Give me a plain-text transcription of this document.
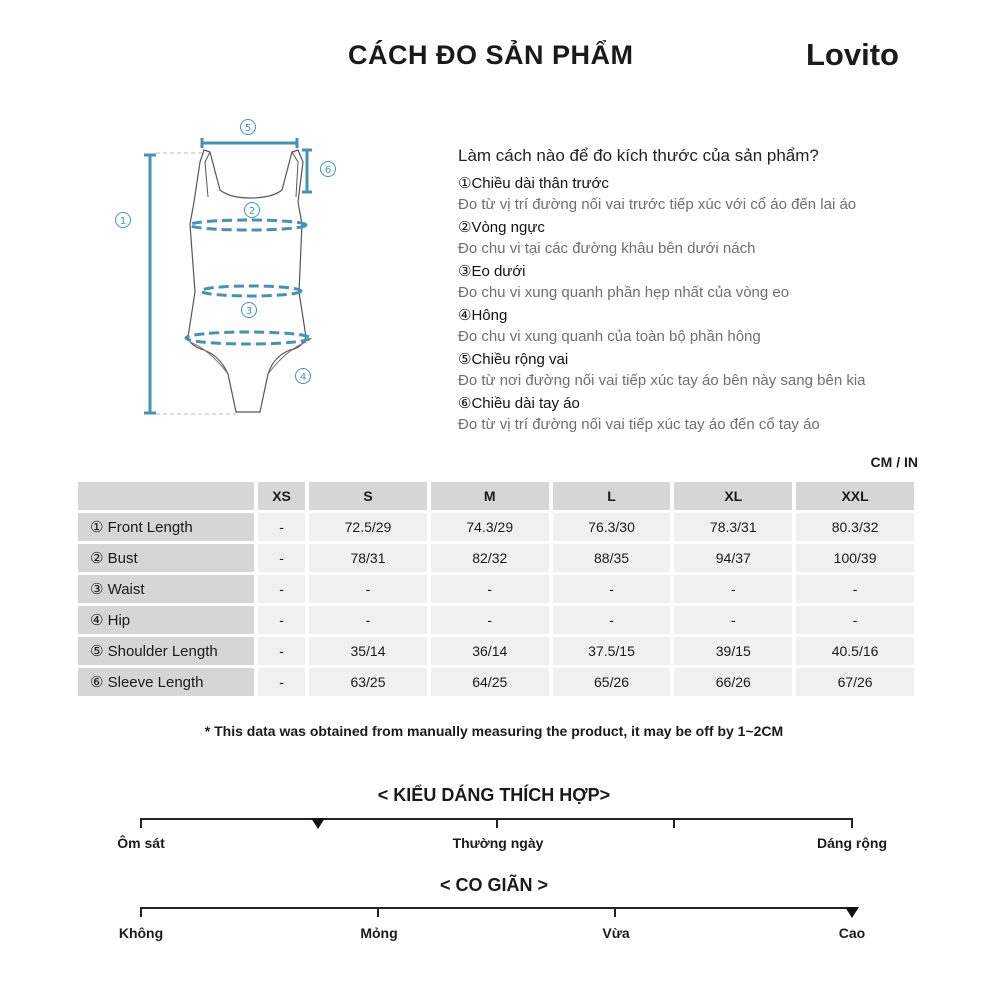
CÁCH ĐO SẢN PHẨM	Lovito
1
5
6
2
3
4
Làm cách nào để đo kích thước của sản phẩm?
①Chiều dài thân trước
Đo từ vị trí đường nối vai trước tiếp xúc với cổ áo đến lai áo
②Vòng ngực
Đo chu vi tại các đường khâu bên dưới nách
③Eo dưới
Đo chu vi xung quanh phần hẹp nhất của vòng eo
④Hông
Đo chu vi xung quanh của toàn bộ phần hông
⑤Chiều rộng vai
Đo từ nơi đường nối vai tiếp xúc tay áo bên này sang bên kia
⑥Chiều dài tay áo
Đo từ vị trí đường nối vai tiếp xúc tay áo đến cổ tay áo
CM / IN
	XS	S	M	L	XL	XXL
① Front Length	-	72.5/29	74.3/29	76.3/30	78.3/31	80.3/32
② Bust	-	78/31	82/32	88/35	94/37	100/39
③ Waist	-	-	-	-	-	-
④ Hip	-	-	-	-	-	-
⑤ Shoulder Length	-	35/14	36/14	37.5/15	39/15	40.5/16
⑥ Sleeve Length	-	63/25	64/25	65/26	66/26	67/26
* This data was obtained from manually measuring the product, it may be off by 1~2CM
< KIỂU DÁNG THÍCH HỢP>
Ôm sát	Thường ngày	Dáng rộng
< CO GIÃN >
Không	Mỏng	Vừa	Cao
